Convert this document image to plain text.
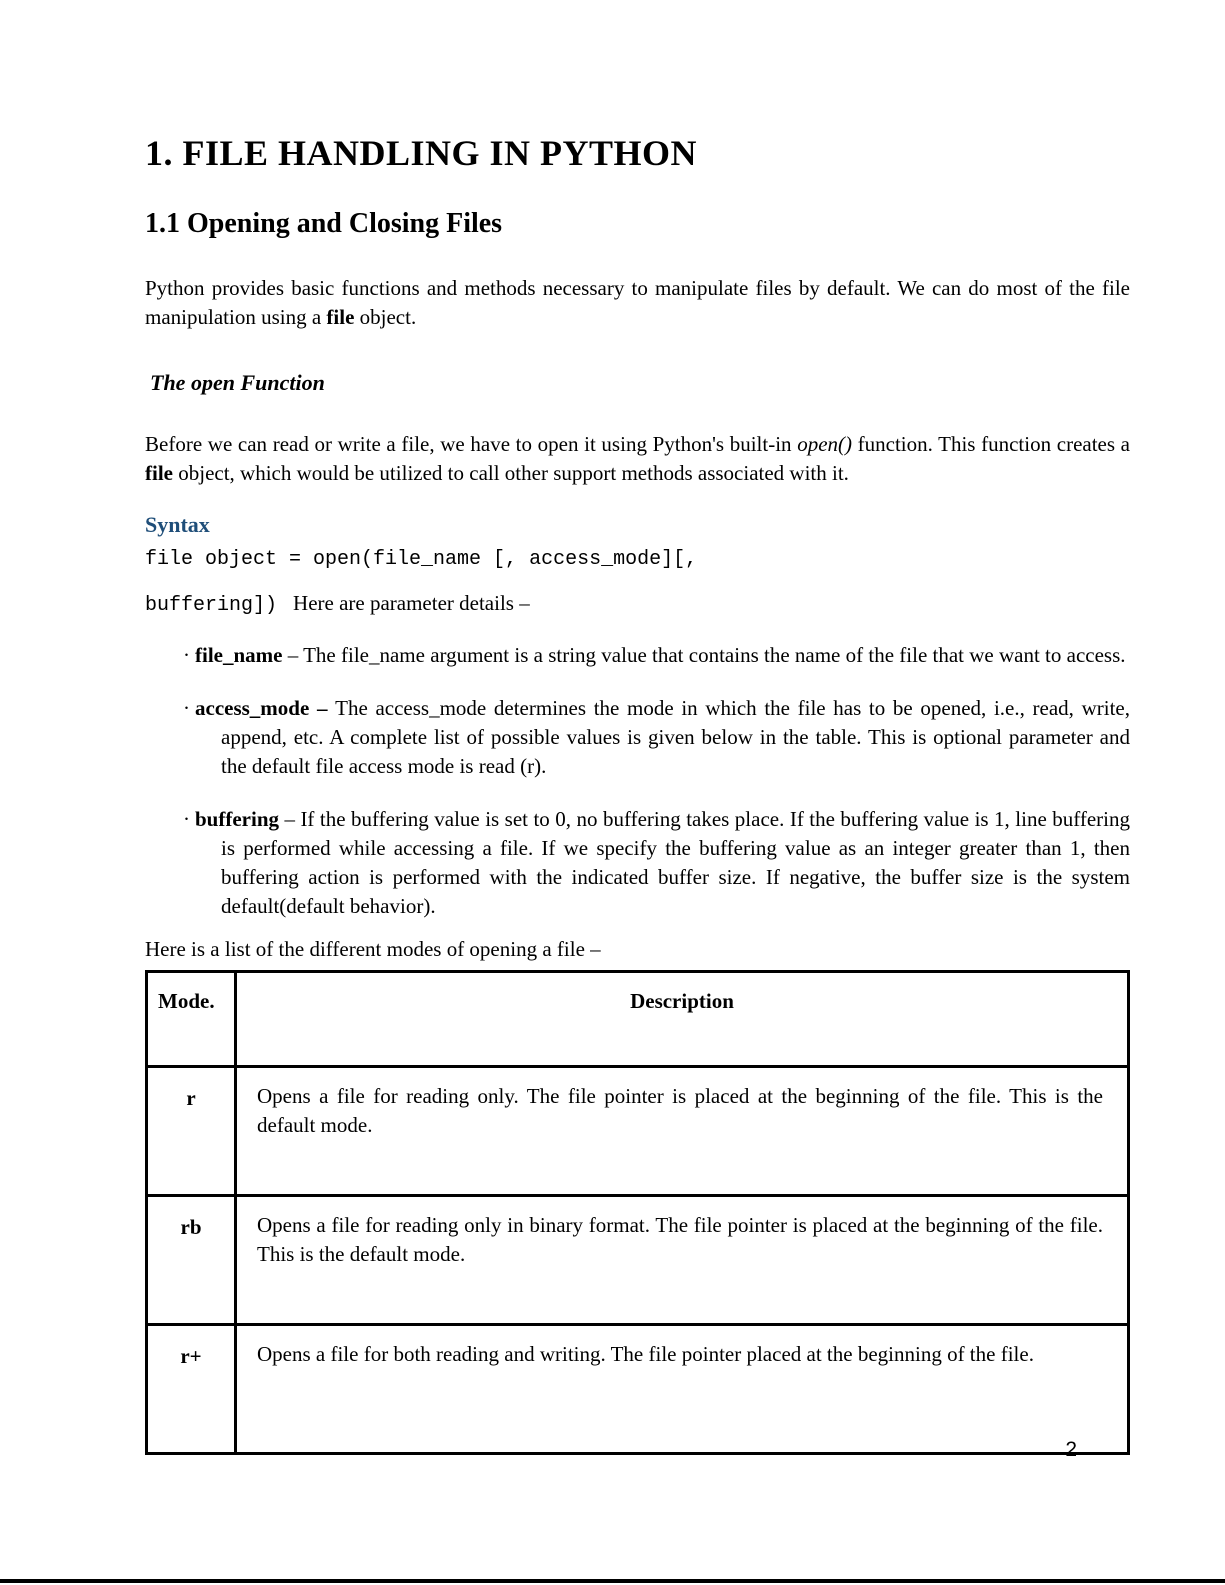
1. FILE HANDLING IN PYTHON
1.1 Opening and Closing Files

Python provides basic functions and methods necessary to manipulate files by default. We can do most of the file manipulation using a file object.

The open Function

Before we can read or write a file, we have to open it using Python's built-in open() function. This function creates a file object, which would be utilized to call other support methods associated with it.

Syntax
file object = open(file_name [, access_mode][,
buffering]) Here are parameter details –
· file_name – The file_name argument is a string value that contains the name of the file that we want to access.
· access_mode – The access_mode determines the mode in which the file has to be opened, i.e., read, write, append, etc. A complete list of possible values is given below in the table. This is optional parameter and the default file access mode is read (r).
· buffering – If the buffering value is set to 0, no buffering takes place. If the buffering value is 1, line buffering is performed while accessing a file. If we specify the buffering value as an integer greater than 1, then buffering action is performed with the indicated buffer size. If negative, the buffer size is the system default(default behavior).
Here is a list of the different modes of opening a file –
Mode.	Description
r	Opens a file for reading only. The file pointer is placed at the beginning of the file. This is the default mode.
rb	Opens a file for reading only in binary format. The file pointer is placed at the beginning of the file. This is the default mode.
r+	Opens a file for both reading and writing. The file pointer placed at the beginning of the file.
2
